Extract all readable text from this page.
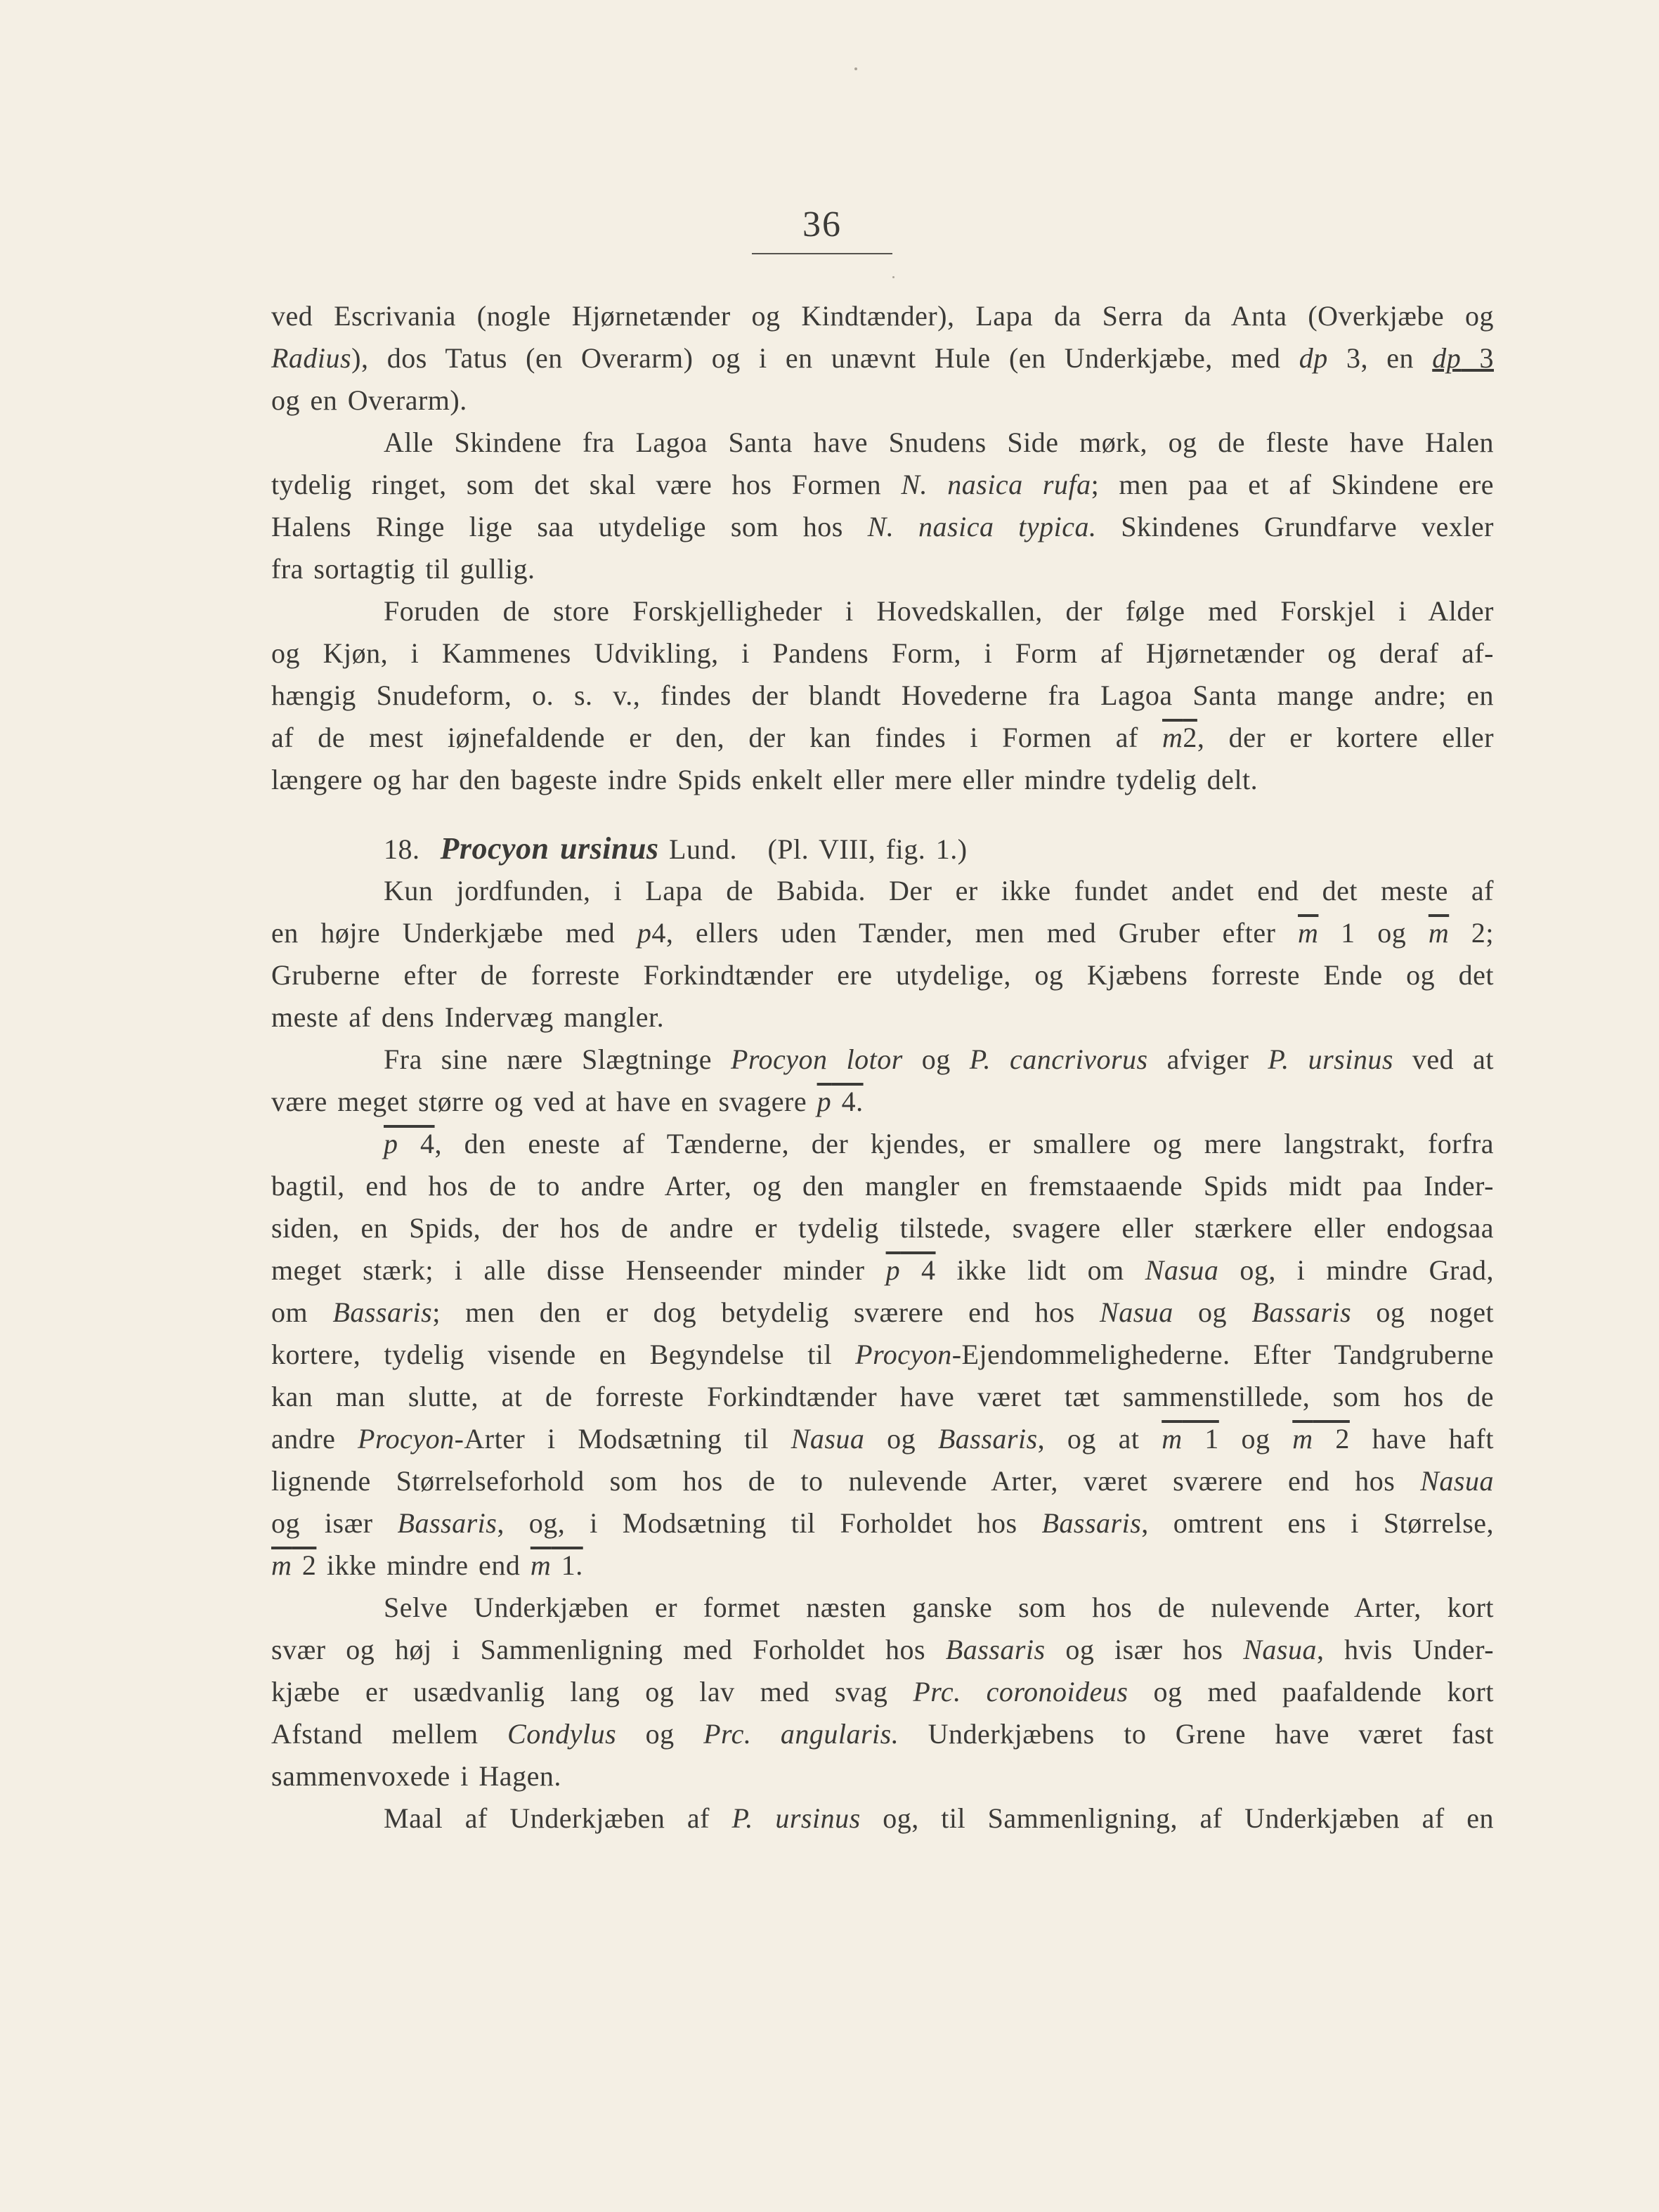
36
ved Escrivania (nogle Hjørnetænder og Kindtænder), Lapa da Serra da Anta (Overkjæbe og
Radius), dos Tatus (en Overarm) og i en unævnt Hule (en Underkjæbe, med dp 3, en dp 3
og en Overarm).
Alle Skindene fra Lagoa Santa have Snudens Side mørk, og de fleste have Halen
tydelig ringet, som det skal være hos Formen N. nasica rufa; men paa et af Skindene ere
Halens Ringe lige saa utydelige som hos N. nasica typica. Skindenes Grundfarve vexler
fra sortagtig til gullig.
Foruden de store Forskjelligheder i Hovedskallen, der følge med Forskjel i Alder
og Kjøn, i Kammenes Udvikling, i Pandens Form, i Form af Hjørnetænder og deraf af-
hængig Snudeform, o. s. v., findes der blandt Hovederne fra Lagoa Santa mange andre; en
af de mest iøjnefaldende er den, der kan findes i Formen af m2, der er kortere eller
længere og har den bageste indre Spids enkelt eller mere eller mindre tydelig delt.
18. Procyon ursinus Lund. (Pl. VIII, fig. 1.)
Kun jordfunden, i Lapa de Babida. Der er ikke fundet andet end det meste af
en højre Underkjæbe med p4, ellers uden Tænder, men med Gruber efter $\overline{m}$ 1 og $\overline{m}$ 2;
Gruberne efter de forreste Forkindtænder ere utydelige, og Kjæbens forreste Ende og det
meste af dens Indervæg mangler.
Fra sine nære Slægtninge Procyon lotor og P. cancrivorus afviger P. ursinus ved at
være meget større og ved at have en svagere p 4.
p 4, den eneste af Tænderne, der kjendes, er smallere og mere langstrakt, forfra
bagtil, end hos de to andre Arter, og den mangler en fremstaaende Spids midt paa Inder-
siden, en Spids, der hos de andre er tydelig tilstede, svagere eller stærkere eller endogsaa
meget stærk; i alle disse Henseender minder p 4 ikke lidt om Nasua og, i mindre Grad,
om Bassaris; men den er dog betydelig sværere end hos Nasua og Bassaris og noget
kortere, tydelig visende en Begyndelse til Procyon-Ejendommelighederne. Efter Tandgruberne
kan man slutte, at de forreste Forkindtænder have været tæt sammenstillede, som hos de
andre Procyon-Arter i Modsætning til Nasua og Bassaris, og at m 1 og m 2 have haft
lignende Størrelseforhold som hos de to nulevende Arter, været sværere end hos Nasua
og især Bassaris, og, i Modsætning til Forholdet hos Bassaris, omtrent ens i Størrelse,
m 2 ikke mindre end m 1.
Selve Underkjæben er formet næsten ganske som hos de nulevende Arter, kort
svær og høj i Sammenligning med Forholdet hos Bassaris og især hos Nasua, hvis Under-
kjæbe er usædvanlig lang og lav med svag Prc. coronoideus og med paafaldende kort
Afstand mellem Condylus og Prc. angularis. Underkjæbens to Grene have været fast
sammenvoxede i Hagen.
Maal af Underkjæben af P. ursinus og, til Sammenligning, af Underkjæben af en
